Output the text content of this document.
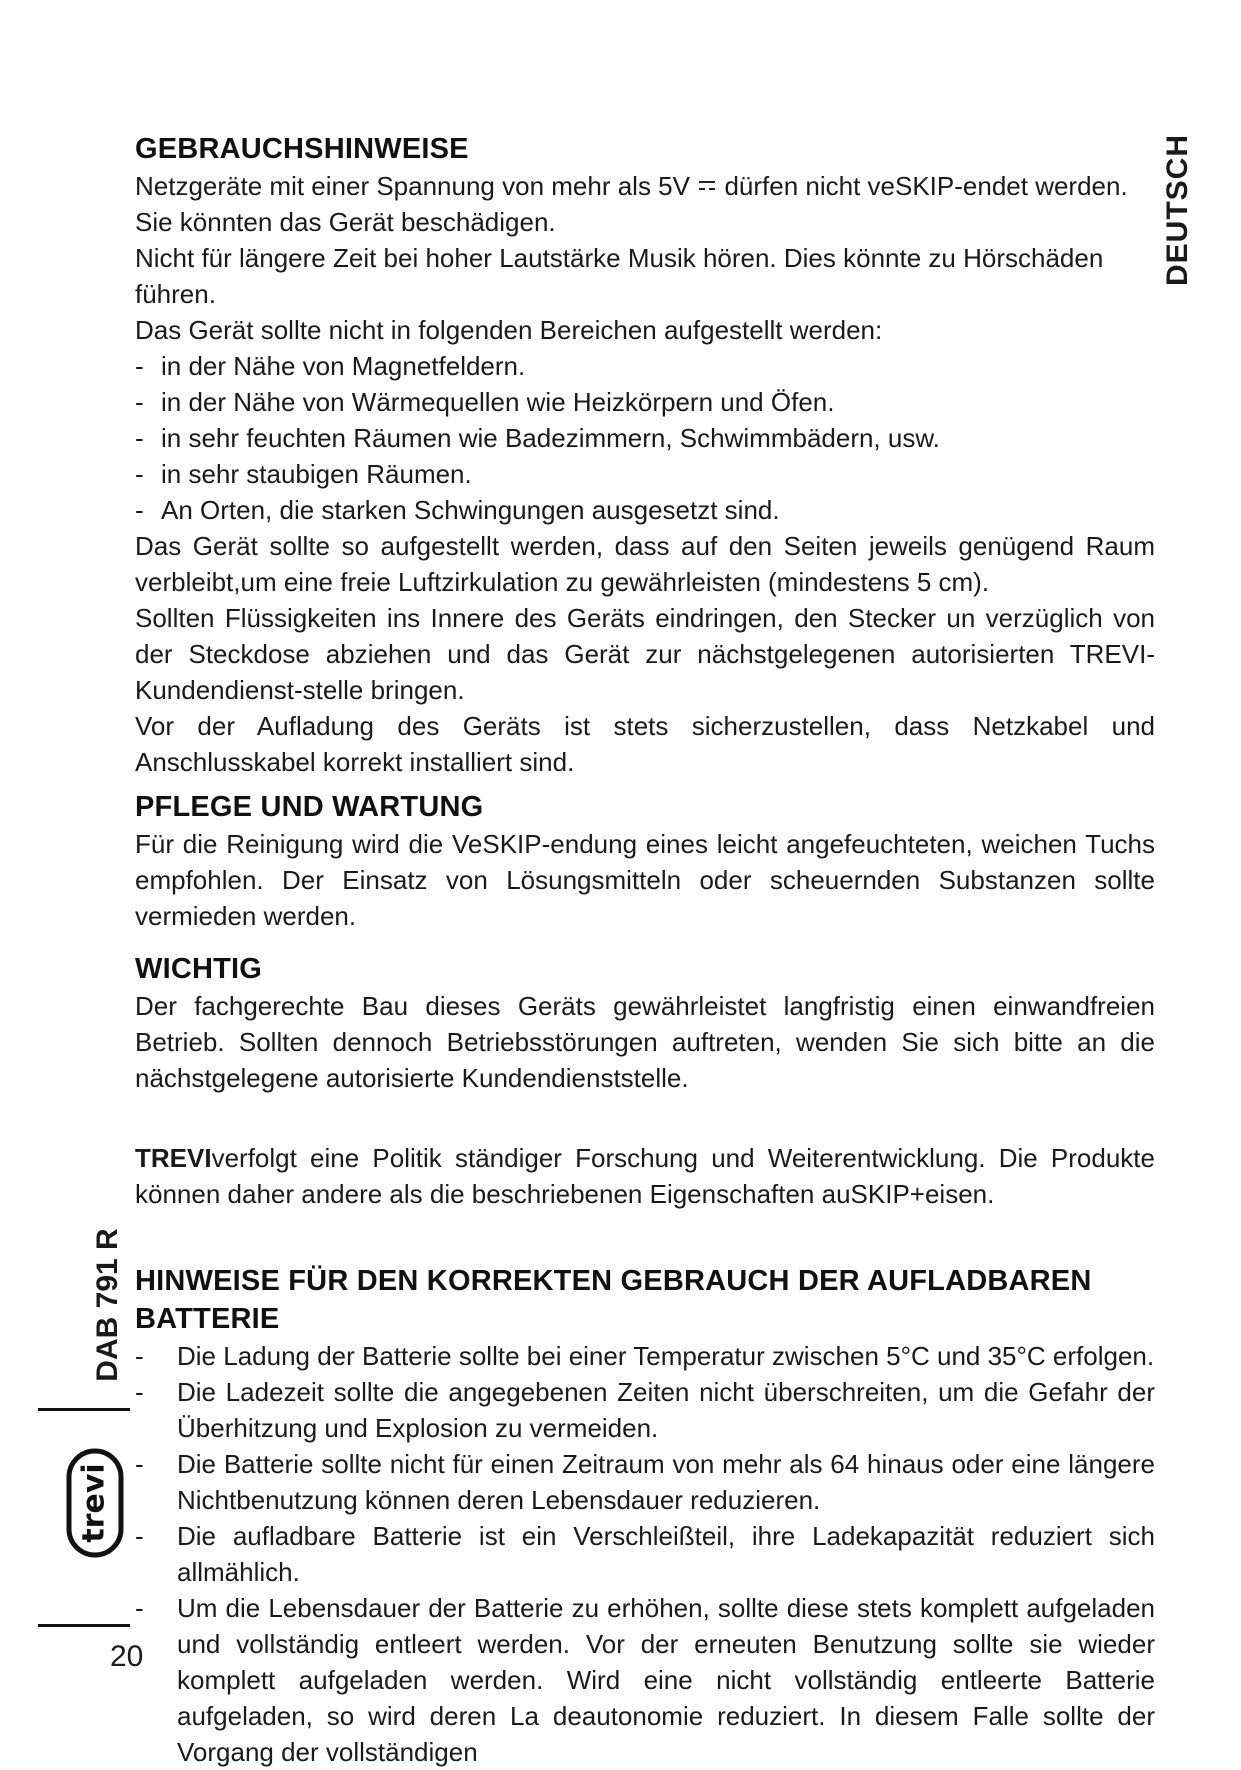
DEUTSCH
GEBRAUCHSHINWEISE

Netzgeräte mit einer Spannung von mehr als 5V dürfen nicht veSKIP-endet werden. Sie könnten das Gerät beschädigen.

Nicht für längere Zeit bei hoher Lautstärke Musik hören. Dies könnte zu Hörschäden führen.

Das Gerät sollte nicht in folgenden Bereichen aufgestellt werden:

- in der Nähe von Magnetfeldern.
- in der Nähe von Wärmequellen wie Heizkörpern und Öfen.
- in sehr feuchten Räumen wie Badezimmern, Schwimmbädern, usw.
- in sehr staubigen Räumen.
- An Orten, die starken Schwingungen ausgesetzt sind.

Das Gerät sollte so aufgestellt werden, dass auf den Seiten jeweils genügend Raum verbleibt,um eine freie Luftzirkulation zu gewährleisten (mindestens 5 cm).

Sollten Flüssigkeiten ins Innere des Geräts eindringen, den Stecker un verzüglich von der Steckdose abziehen und das Gerät zur nächstgelegenen autorisierten TREVI-Kundendienst-stelle bringen.

Vor der Aufladung des Geräts ist stets sicherzustellen, dass Netzkabel und Anschlusskabel korrekt installiert sind.

PFLEGE UND WARTUNG

Für die Reinigung wird die VeSKIP-endung eines leicht angefeuchteten, weichen Tuchs empfohlen. Der Einsatz von Lösungsmitteln oder scheuernden Substanzen sollte vermieden werden.

WICHTIG

Der fachgerechte Bau dieses Geräts gewährleistet langfristig einen einwandfreien Betrieb. Sollten dennoch Betriebsstörungen auftreten, wenden Sie sich bitte an die nächstgelegene autorisierte Kundendienststelle.

TREVIverfolgt eine Politik ständiger Forschung und Weiterentwicklung. Die Produkte können daher andere als die beschriebenen Eigenschaften auSKIP+eisen.

HINWEISE FÜR DEN KORREKTEN GEBRAUCH DER AUFLADBAREN BATTERIE
- Die Ladung der Batterie sollte bei einer Temperatur zwischen 5°C und 35°C erfolgen.
- Die Ladezeit sollte die angegebenen Zeiten nicht überschreiten, um die Gefahr der Überhitzung und Explosion zu vermeiden.
- Die Batterie sollte nicht für einen Zeitraum von mehr als 64 hinaus oder eine längere Nichtbenutzung können deren Lebensdauer reduzieren.
- Die aufladbare Batterie ist ein Verschleißteil, ihre Ladekapazität reduziert sich allmählich.
- Um die Lebensdauer der Batterie zu erhöhen, sollte diese stets komplett aufgeladen und vollständig entleert werden. Vor der erneuten Benutzung sollte sie wieder komplett aufgeladen werden. Wird eine nicht vollständig entleerte Batterie aufgeladen, so wird deren La deautonomie reduziert. In diesem Falle sollte der Vorgang der vollständigen
DAB 791 R
trevi
20
